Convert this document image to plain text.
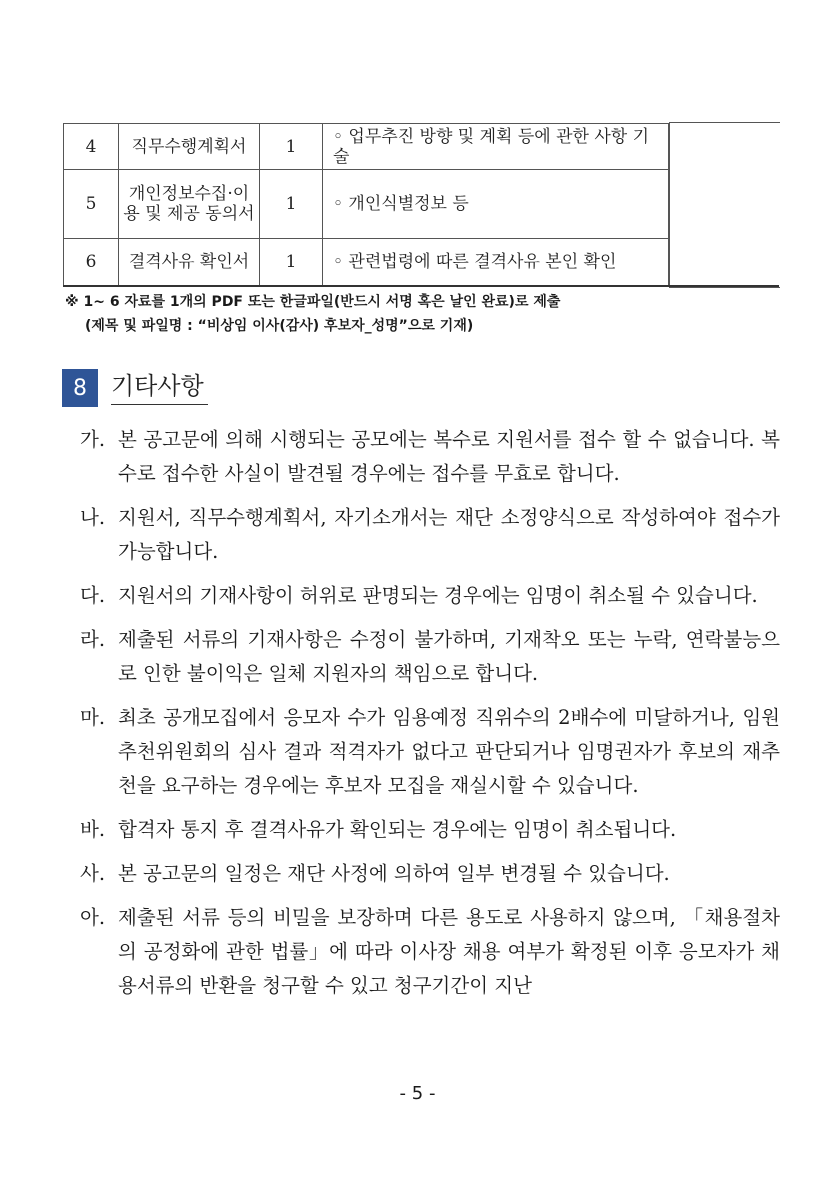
4	직무수행계획서	1	◦ 업무추진 방향 및 계획 등에 관한 사항 기술
5	개인정보수집·이용 및 제공 동의서	1	◦ 개인식별정보 등
6	결격사유 확인서	1	◦ 관련법령에 따른 결격사유 본인 확인
※ 1~ 6 자료를 1개의 PDF 또는 한글파일(반드시 서명 혹은 날인 완료)로 제출
(제목 및 파일명 : “비상임 이사(감사) 후보자_성명”으로 기재)
8	기타사항
가. 본 공고문에 의해 시행되는 공모에는 복수로 지원서를 접수 할 수 없습니다. 복수로 접수한 사실이 발견될 경우에는 접수를 무효로 합니다.
나. 지원서, 직무수행계획서, 자기소개서는 재단 소정양식으로 작성하여야 접수가 가능합니다.
다. 지원서의 기재사항이 허위로 판명되는 경우에는 임명이 취소될 수 있습니다.
라. 제출된 서류의 기재사항은 수정이 불가하며, 기재착오 또는 누락, 연락불능으로 인한 불이익은 일체 지원자의 책임으로 합니다.
마. 최초 공개모집에서 응모자 수가 임용예정 직위수의 2배수에 미달하거나, 임원추천위원회의 심사 결과 적격자가 없다고 판단되거나 임명권자가 후보의 재추천을 요구하는 경우에는 후보자 모집을 재실시할 수 있습니다.
바. 합격자 통지 후 결격사유가 확인되는 경우에는 임명이 취소됩니다.
사. 본 공고문의 일정은 재단 사정에 의하여 일부 변경될 수 있습니다.
아. 제출된 서류 등의 비밀을 보장하며 다른 용도로 사용하지 않으며, 「채용절차의 공정화에 관한 법률」에 따라 이사장 채용 여부가 확정된 이후 응모자가 채용서류의 반환을 청구할 수 있고 청구기간이 지난
- 5 -
